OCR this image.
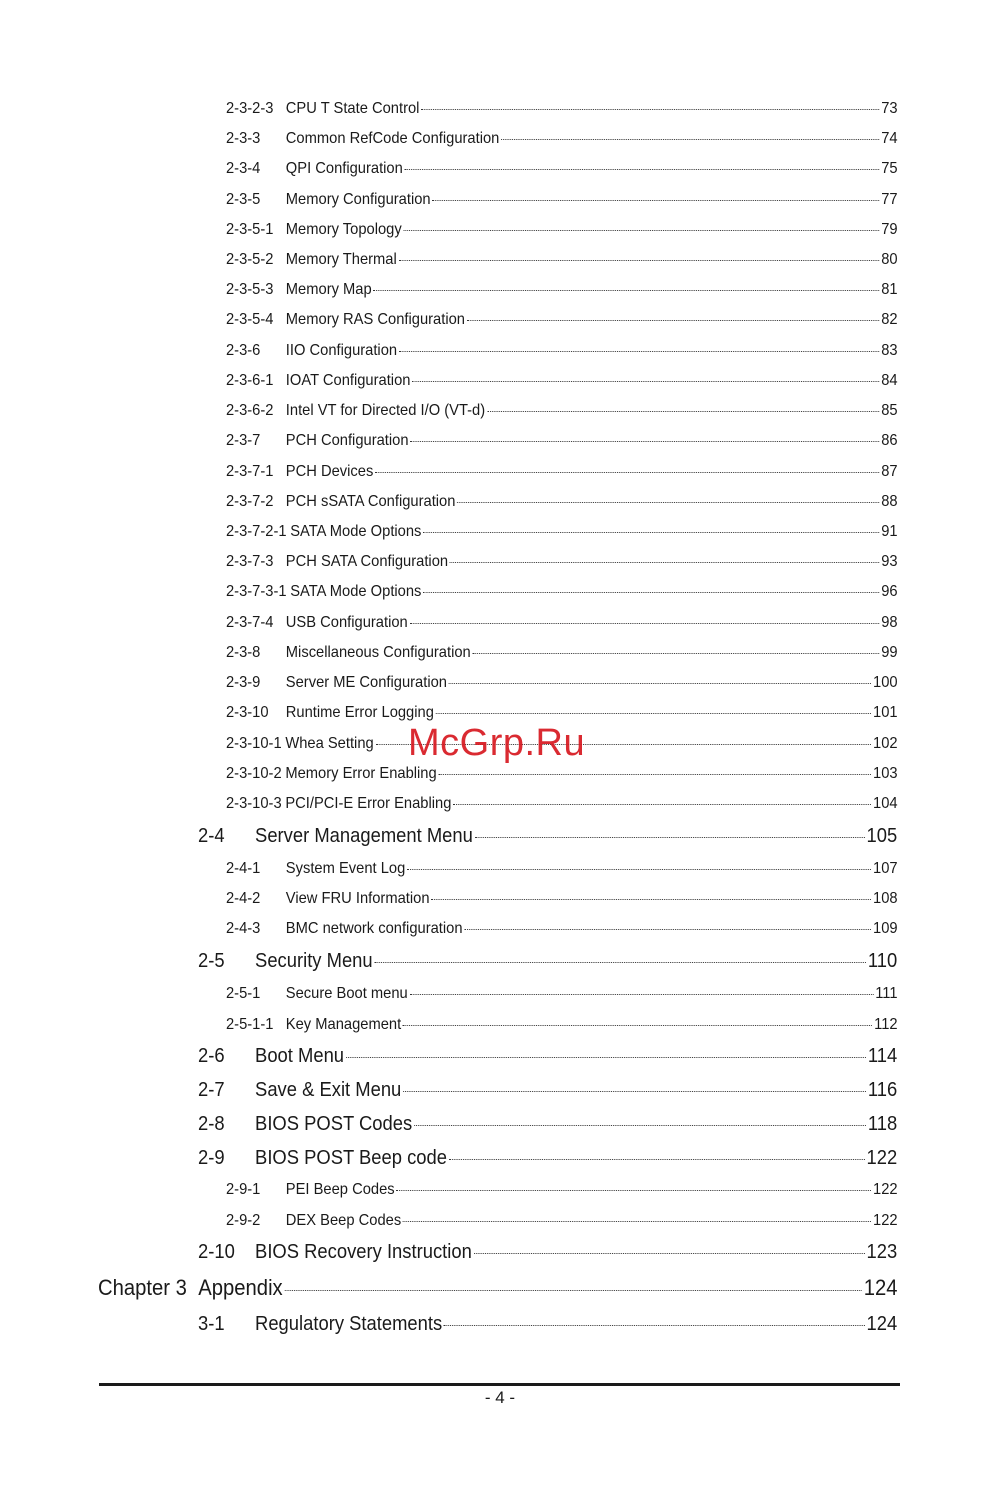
2-3-2-3 CPU T State Control	73
2-3-3	Common RefCode Configuration	74
2-3-4	QPI Configuration	75
2-3-5	Memory Configuration	77
2-3-5-1 Memory Topology	79
2-3-5-2 Memory Thermal	80
2-3-5-3 Memory Map	81
2-3-5-4 Memory RAS Configuration	82
2-3-6	IIO Configuration	83
2-3-6-1 IOAT Configuration	84
2-3-6-2 Intel VT for Directed I/O (VT-d)	85
2-3-7	PCH Configuration	86
2-3-7-1 PCH Devices	87
2-3-7-2 PCH sSATA Configuration	88
2-3-7-2-1 SATA Mode Options	91
2-3-7-3 PCH SATA Configuration	93
2-3-7-3-1 SATA Mode Options	96
2-3-7-4 USB Configuration	98
2-3-8	Miscellaneous Configuration	99
2-3-9	Server ME Configuration	100
2-3-10	Runtime Error Logging	101
2-3-10-1 Whea Setting	102
2-3-10-2 Memory Error Enabling	103
2-3-10-3 PCI/PCI-E Error Enabling	104
2-4	Server Management Menu	105
2-4-1	System Event Log	107
2-4-2	View FRU Information	108
2-4-3	BMC network configuration	109
2-5	Security Menu	110
2-5-1	Secure Boot menu	111
2-5-1-1 Key Management	112
2-6	Boot Menu	114
2-7	Save & Exit Menu	116
2-8	BIOS POST Codes	118
2-9	BIOS POST Beep code	122
2-9-1	PEI Beep Codes	122
2-9-2	DEX Beep Codes	122
2-10	BIOS Recovery Instruction	123
Chapter 3 Appendix	124
3-1	Regulatory Statements	124
McGrp.Ru
- 4 -
